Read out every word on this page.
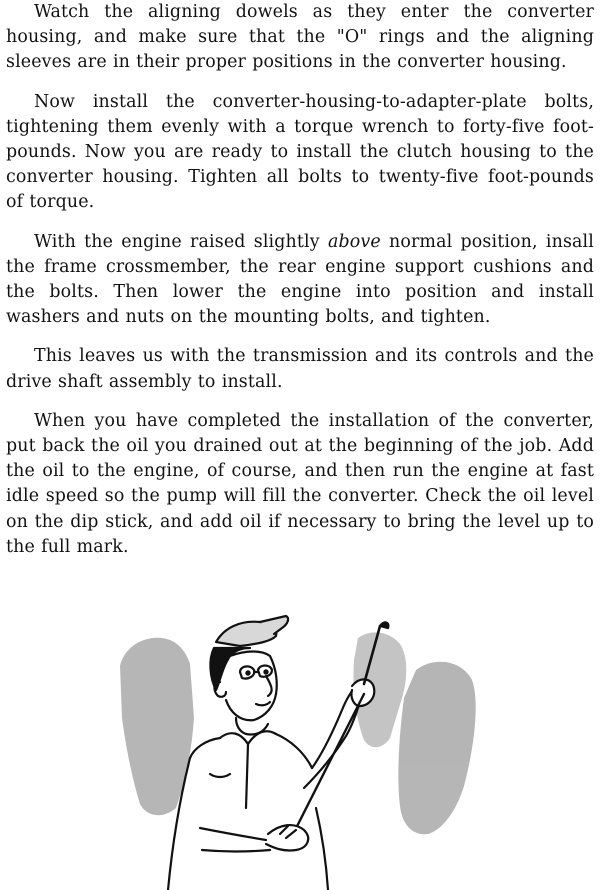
Watch the aligning dowels as they enter the converter housing, and make sure that the "O" rings and the aligning sleeves are in their proper positions in the converter housing.

Now install the converter-housing-to-adapter-plate bolts, tightening them evenly with a torque wrench to forty-five foot-pounds. Now you are ready to install the clutch housing to the converter housing. Tighten all bolts to twenty-five foot-pounds of torque.

With the engine raised slightly above normal position, insall the frame crossmember, the rear engine support cushions and the bolts. Then lower the engine into position and install washers and nuts on the mounting bolts, and tighten.

This leaves us with the transmission and its controls and the drive shaft assembly to install.

When you have completed the installation of the converter, put back the oil you drained out at the beginning of the job. Add the oil to the engine, of course, and then run the engine at fast idle speed so the pump will fill the converter. Check the oil level on the dip stick, and add oil if necessary to bring the level up to the full mark.
